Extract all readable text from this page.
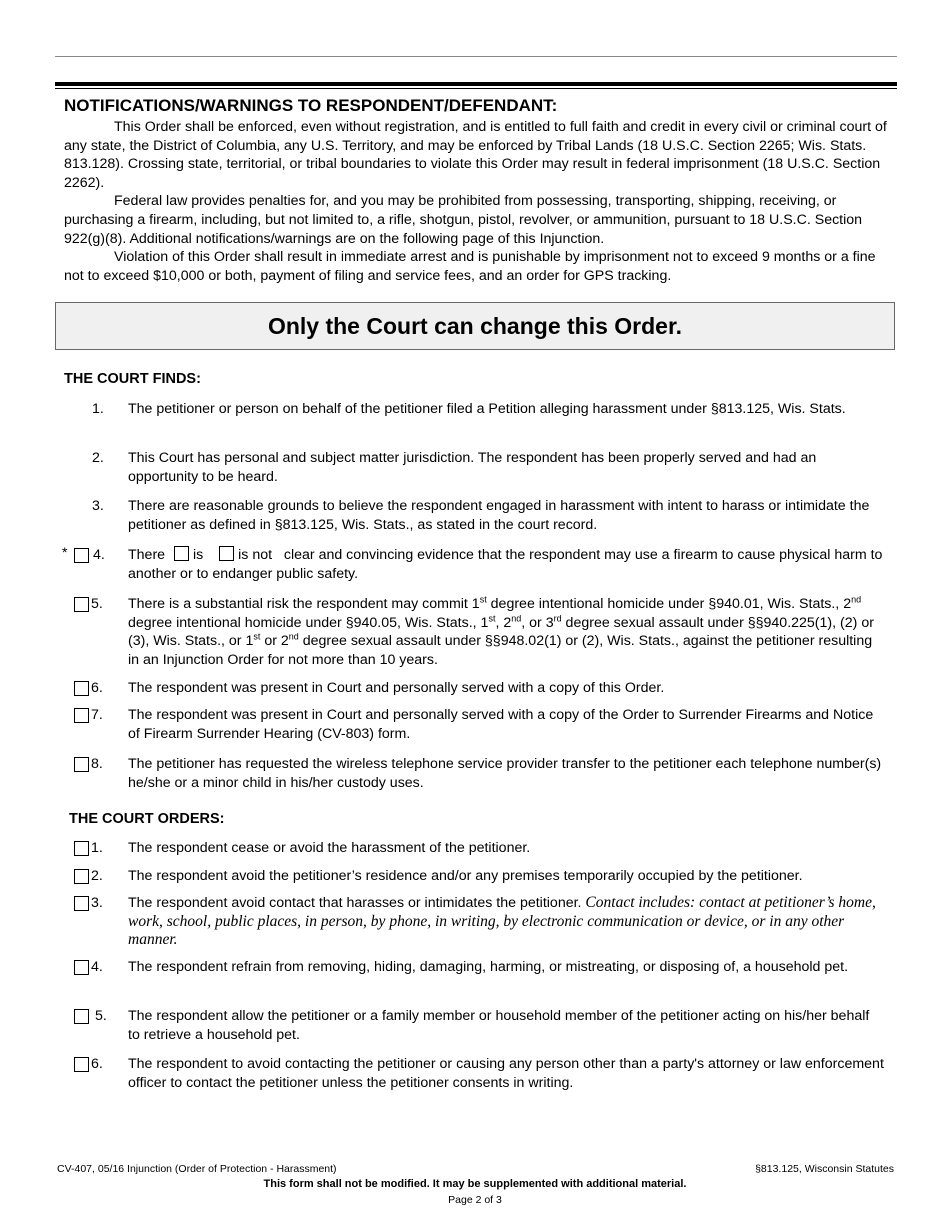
NOTIFICATIONS/WARNINGS TO RESPONDENT/DEFENDANT:

This Order shall be enforced, even without registration, and is entitled to full faith and credit in every civil or criminal court of any state, the District of Columbia, any U.S. Territory, and may be enforced by Tribal Lands (18 U.S.C. Section 2265; Wis. Stats. 813.128). Crossing state, territorial, or tribal boundaries to violate this Order may result in federal imprisonment (18 U.S.C. Section 2262).

Federal law provides penalties for, and you may be prohibited from possessing, transporting, shipping, receiving, or purchasing a firearm, including, but not limited to, a rifle, shotgun, pistol, revolver, or ammunition, pursuant to 18 U.S.C. Section 922(g)(8). Additional notifications/warnings are on the following page of this Injunction.

Violation of this Order shall result in immediate arrest and is punishable by imprisonment not to exceed 9 months or a fine not to exceed $10,000 or both, payment of filing and service fees, and an order for GPS tracking.

Only the Court can change this Order.
THE COURT FINDS:
1. The petitioner or person on behalf of the petitioner filed a Petition alleging harassment under §813.125, Wis. Stats.
2. This Court has personal and subject matter jurisdiction. The respondent has been properly served and had an opportunity to be heard.
3. There are reasonable grounds to believe the respondent engaged in harassment with intent to harass or intimidate the petitioner as defined in §813.125, Wis. Stats., as stated in the court record.
* 4. There is is not clear and convincing evidence that the respondent may use a firearm to cause physical harm to another or to endanger public safety.
5. There is a substantial risk the respondent may commit 1st degree intentional homicide under §940.01, Wis. Stats., 2nd degree intentional homicide under §940.05, Wis. Stats., 1st, 2nd, or 3rd degree sexual assault under §§940.225(1), (2) or (3), Wis. Stats., or 1st or 2nd degree sexual assault under §§948.02(1) or (2), Wis. Stats., against the petitioner resulting in an Injunction Order for not more than 10 years.
6. The respondent was present in Court and personally served with a copy of this Order.
7. The respondent was present in Court and personally served with a copy of the Order to Surrender Firearms and Notice of Firearm Surrender Hearing (CV-803) form.
8. The petitioner has requested the wireless telephone service provider transfer to the petitioner each telephone number(s) he/she or a minor child in his/her custody uses.
THE COURT ORDERS:
1. The respondent cease or avoid the harassment of the petitioner.
2. The respondent avoid the petitioner’s residence and/or any premises temporarily occupied by the petitioner.
3. The respondent avoid contact that harasses or intimidates the petitioner. Contact includes: contact at petitioner’s home, work, school, public places, in person, by phone, in writing, by electronic communication or device, or in any other manner.
4. The respondent refrain from removing, hiding, damaging, harming, or mistreating, or disposing of, a household pet.
5. The respondent allow the petitioner or a family member or household member of the petitioner acting on his/her behalf to retrieve a household pet.
6. The respondent to avoid contacting the petitioner or causing any person other than a party's attorney or law enforcement officer to contact the petitioner unless the petitioner consents in writing.
CV-407, 05/16 Injunction (Order of Protection - Harassment)	§813.125, Wisconsin Statutes
This form shall not be modified. It may be supplemented with additional material.
Page 2 of 3
